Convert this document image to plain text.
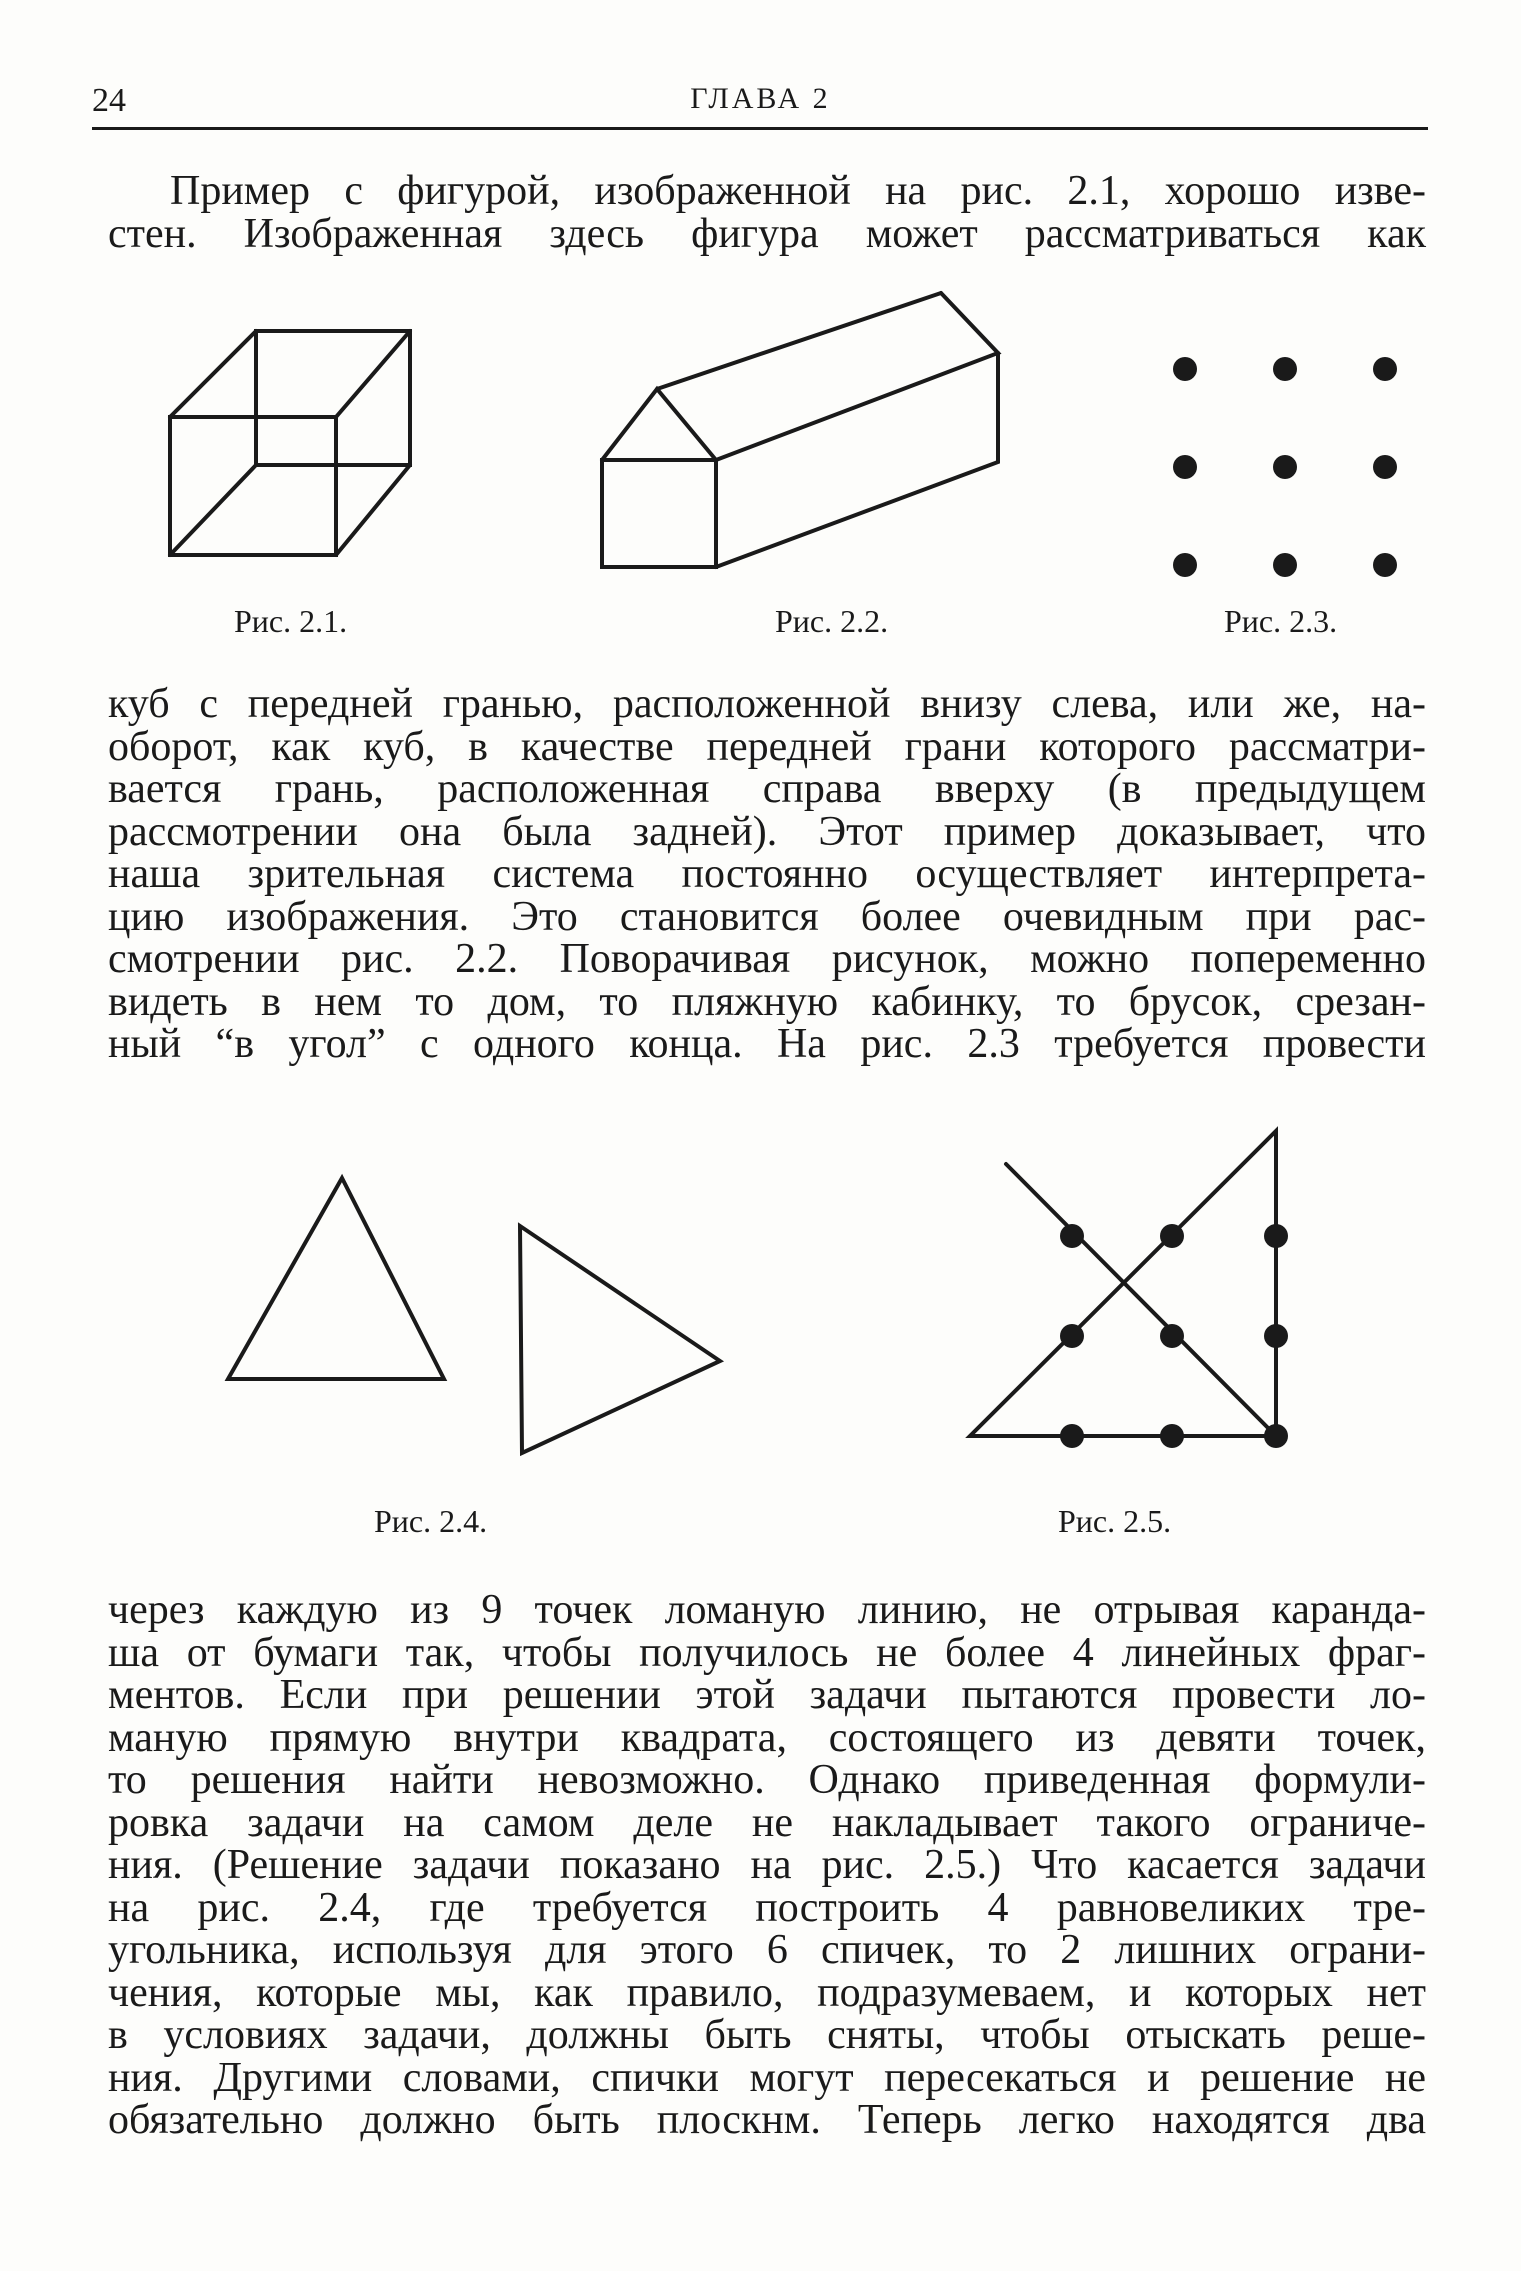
24	ГЛАВА 2
Пример с фигурой, изображенной на рис. 2.1, хорошо изве-
стен. Изображенная здесь фигура может рассматриваться как
Рис. 2.1.	Рис. 2.2.	Рис. 2.3.
куб с передней гранью, расположенной внизу слева, или же, на-
оборот, как куб, в качестве передней грани которого рассматри-
вается грань, расположенная справа вверху (в предыдущем
рассмотрении она была задней). Этот пример доказывает, что
наша зрительная система постоянно осуществляет интерпрета-
цию изображения. Это становится более очевидным при рас-
смотрении рис. 2.2. Поворачивая рисунок, можно попеременно
видеть в нем то дом, то пляжную кабинку, то брусок, срезан-
ный “в угол” с одного конца. На рис. 2.3 требуется провести
Рис. 2.4.	Рис. 2.5.
через каждую из 9 точек ломаную линию, не отрывая каранда-
ша от бумаги так, чтобы получилось не более 4 линейных фраг-
ментов. Если при решении этой задачи пытаются провести ло-
маную прямую внутри квадрата, состоящего из девяти точек,
то решения найти невозможно. Однако приведенная формули-
ровка задачи на самом деле не накладывает такого ограниче-
ния. (Решение задачи показано на рис. 2.5.) Что касается задачи
на рис. 2.4, где требуется построить 4 равновеликих тре-
угольника, используя для этого 6 спичек, то 2 лишних ограни-
чения, которые мы, как правило, подразумеваем, и которых нет
в условиях задачи, должны быть сняты, чтобы отыскать реше-
ния. Другими словами, спички могут пересекаться и решение не
обязательно должно быть плоскнм. Теперь легко находятся два
